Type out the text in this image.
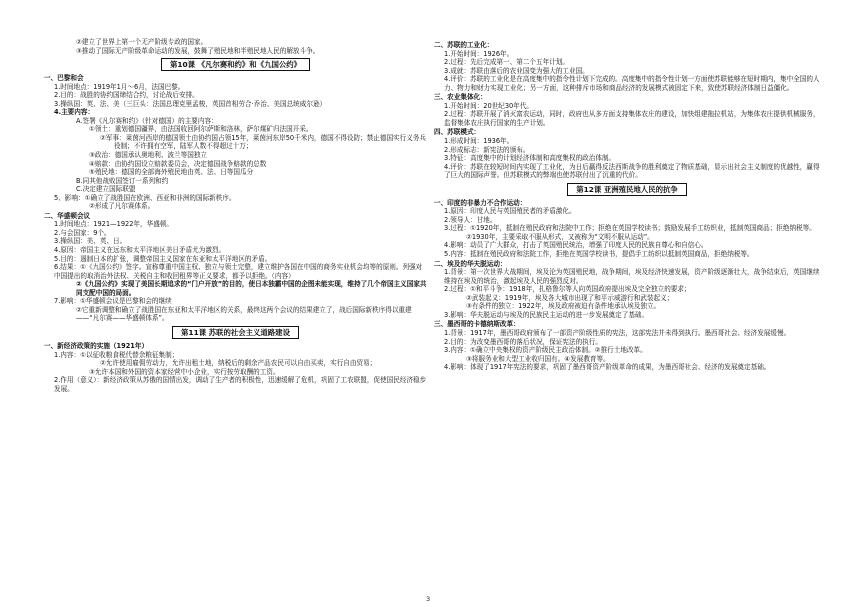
②建立了世界上第一个无产阶级专政的国家。
③推动了国际无产阶级革命运动的发展，鼓舞了殖民地和半殖民地人民的解放斗争。
第10课 《凡尔赛和约》和《九国公约》
一、巴黎和会
1.时间地点：1919年1月～6月，法国巴黎。
2.目的：战胜的协约国缔结合约，讨论战后安排。
3.操纵国：英、法、美（三巨头：法国总理克里孟梭，英国首相劳合·乔治、美国总统威尔逊）
4.主要内容：
A.签署《凡尔赛和约》（针对德国）的主要内容：
①领土：重划德国疆界，由法国收回阿尔萨斯和洛林，萨尔煤矿归法国开采。
②军事：莱茵河西岸的德国领土由协约国占领15年，莱茵河东岸50千米内，德国不得设防；禁止德国实行义务兵役制；不许拥有空军，陆军人数不得超过十万；
③政治：德国承认奥地利、波兰等国独立
④赔款：由协约国设立赔款委员会，决定德国战争赔款的总数
⑤殖民地：德国的全部海外殖民地由英、法、日等国瓜分
B.同其他战败国签订一系列和约
C.决定建立国际联盟
5、影响：①确立了战胜国在欧洲、西亚和非洲的国际新秩序。
②形成了凡尔赛体系。
二、华盛顿会议
1.时间地点：1921—1922年，华盛顿。
2.与会国家：9个。
3.操纵国：美、英、日。
4.原因：帝国主义在远东和太平洋地区美日矛盾尤为激烈。
5.目的：遏制日本的扩张，调整帝国主义国家在东亚和太平洋地区的矛盾。
6.结果：①《九国公约》签字。宣称尊重中国主权、独立与领土完整，建立维护各国在中国的商务实业机会均等的原则。列强对中国提出的取消治外法权、关税自主和收回租界等正义要求，都予以拒绝。（内容）
②《九国公约》实现了美国长期追求的“门户开放”的目的，使日本独霸中国的企图未能实现，维持了几个帝国主义国家共同支配中国的局面。
7.影响：①华盛顿会议是巴黎和会的继续
②它重新调整和确立了战胜国在东亚和太平洋地区的关系，最终这两个会议的结果建立了，战后国际新秩序得以重建——“凡尔赛——华盛顿体系”。
第11课 苏联的社会主义道路建设
一、新经济政策的实施（1921年）
1.内容：①以征收粮食税代替余粮征集制；
②允许使用雇佣劳动力，允许出租土地，纳税后的剩余产品农民可以自由买卖，实行自由贸易；
③允许本国和外国的资本家经营中小企业，实行按劳取酬的工资。
2.作用（意义）：新经济政策从苏俄的国情出发，调动了生产者的积极性，迅速缓解了危机，巩固了工农联盟，促使国民经济稳步发展。
二、苏联的工业化：
1.开始时间：1926年。
2.过程：先后完成第一、第二个五年计划。
3.成就：苏联由落后的农业国变为强大的工业国。
4.评价：苏联的工业化是在高度集中的指令性计划下完成的。高度集中的指令性计划一方面使苏联能够在短时期内，集中全国的人力、物力和财力实现工业化；另一方面，这种排斥市场和商品经济的发展模式被固定下来，致使苏联经济体制日益僵化。
三、农业集体化：
1.开始时间：20世纪30年代。
2.过程：苏联开展了消灭富农运动，同时，政府也从多方面支持集体农庄的建设，加快组建拖拉机站，为集体农庄提供机械服务，监督集体农庄执行国家的生产计划。
四、苏联模式：
1.形成时间：1936年。
2.形成标志：新宪法的颁布。
3.特征：高度集中的计划经济体制和高度集权的政治体制。
4.评价：苏联在较短时间内实现了工业化，为日后赢得反法西斯战争的胜利奠定了物质基础，显示出社会主义制度的优越性，赢得了巨大的国际声誉。但苏联模式的弊端也使苏联付出了沉重的代价。
第12课 亚洲殖民地人民的抗争
一、印度的非暴力不合作运动：
1.原因：印度人民与英国殖民者的矛盾激化。
2.领导人：甘地。
3.过程：①1920年，抵制在殖民政府和法院中工作；拒绝在英国学校读书；鼓励发展手工纺织业，抵制英国商品；拒绝纳税等。
②1930年，主要采取不服从形式，又被称为“文明不服从运动”。
4.影响：动员了广大群众，打击了英国殖民统治，增强了印度人民的民族自尊心和自信心。
5.内容：抵制在殖民政府和法院工作，拒绝在英国学校读书，提倡手工纺织以抵制英国商品，拒绝纳税等。
二、埃及的华夫脱运动：
1.背景：第一次世界大战期间，埃及沦为英国殖民地，战争期间，埃及经济快速发展，资产阶级逐渐壮大，战争结束后，英国继续维持在埃及的统治，激起埃及人民的强烈反对。
2.过程：①和平斗争：1918年，扎格鲁尔等人向英国政府提出埃及完全独立的要求；
②武装起义：1919年，埃及各大城市出现了和平示威游行和武装起义；
③有条件的独立：1922年，埃及政府被迫有条件地承认埃及独立。
3.影响：华夫脱运动与埃及的民族民主运动的进一步发展奠定了基础。
三、墨西哥的卡德纳斯改革：
1.背景：1917年，墨西哥政府颁布了一部资产阶级性质的宪法，这部宪法并未得到执行。墨西哥社会、经济发展缓慢。
2.目的：为改变墨西哥的落后状况，保证宪法的执行。
3.内容：①确立中央集权的资产阶级民主政治体制。②推行土地改革。
③将服务业和大型工业收归国有。④发展教育等。
4.影响：体现了1917年宪法的要求，巩固了墨西哥资产阶级革命的成果，为墨西哥社会、经济的发展奠定基础。
3
